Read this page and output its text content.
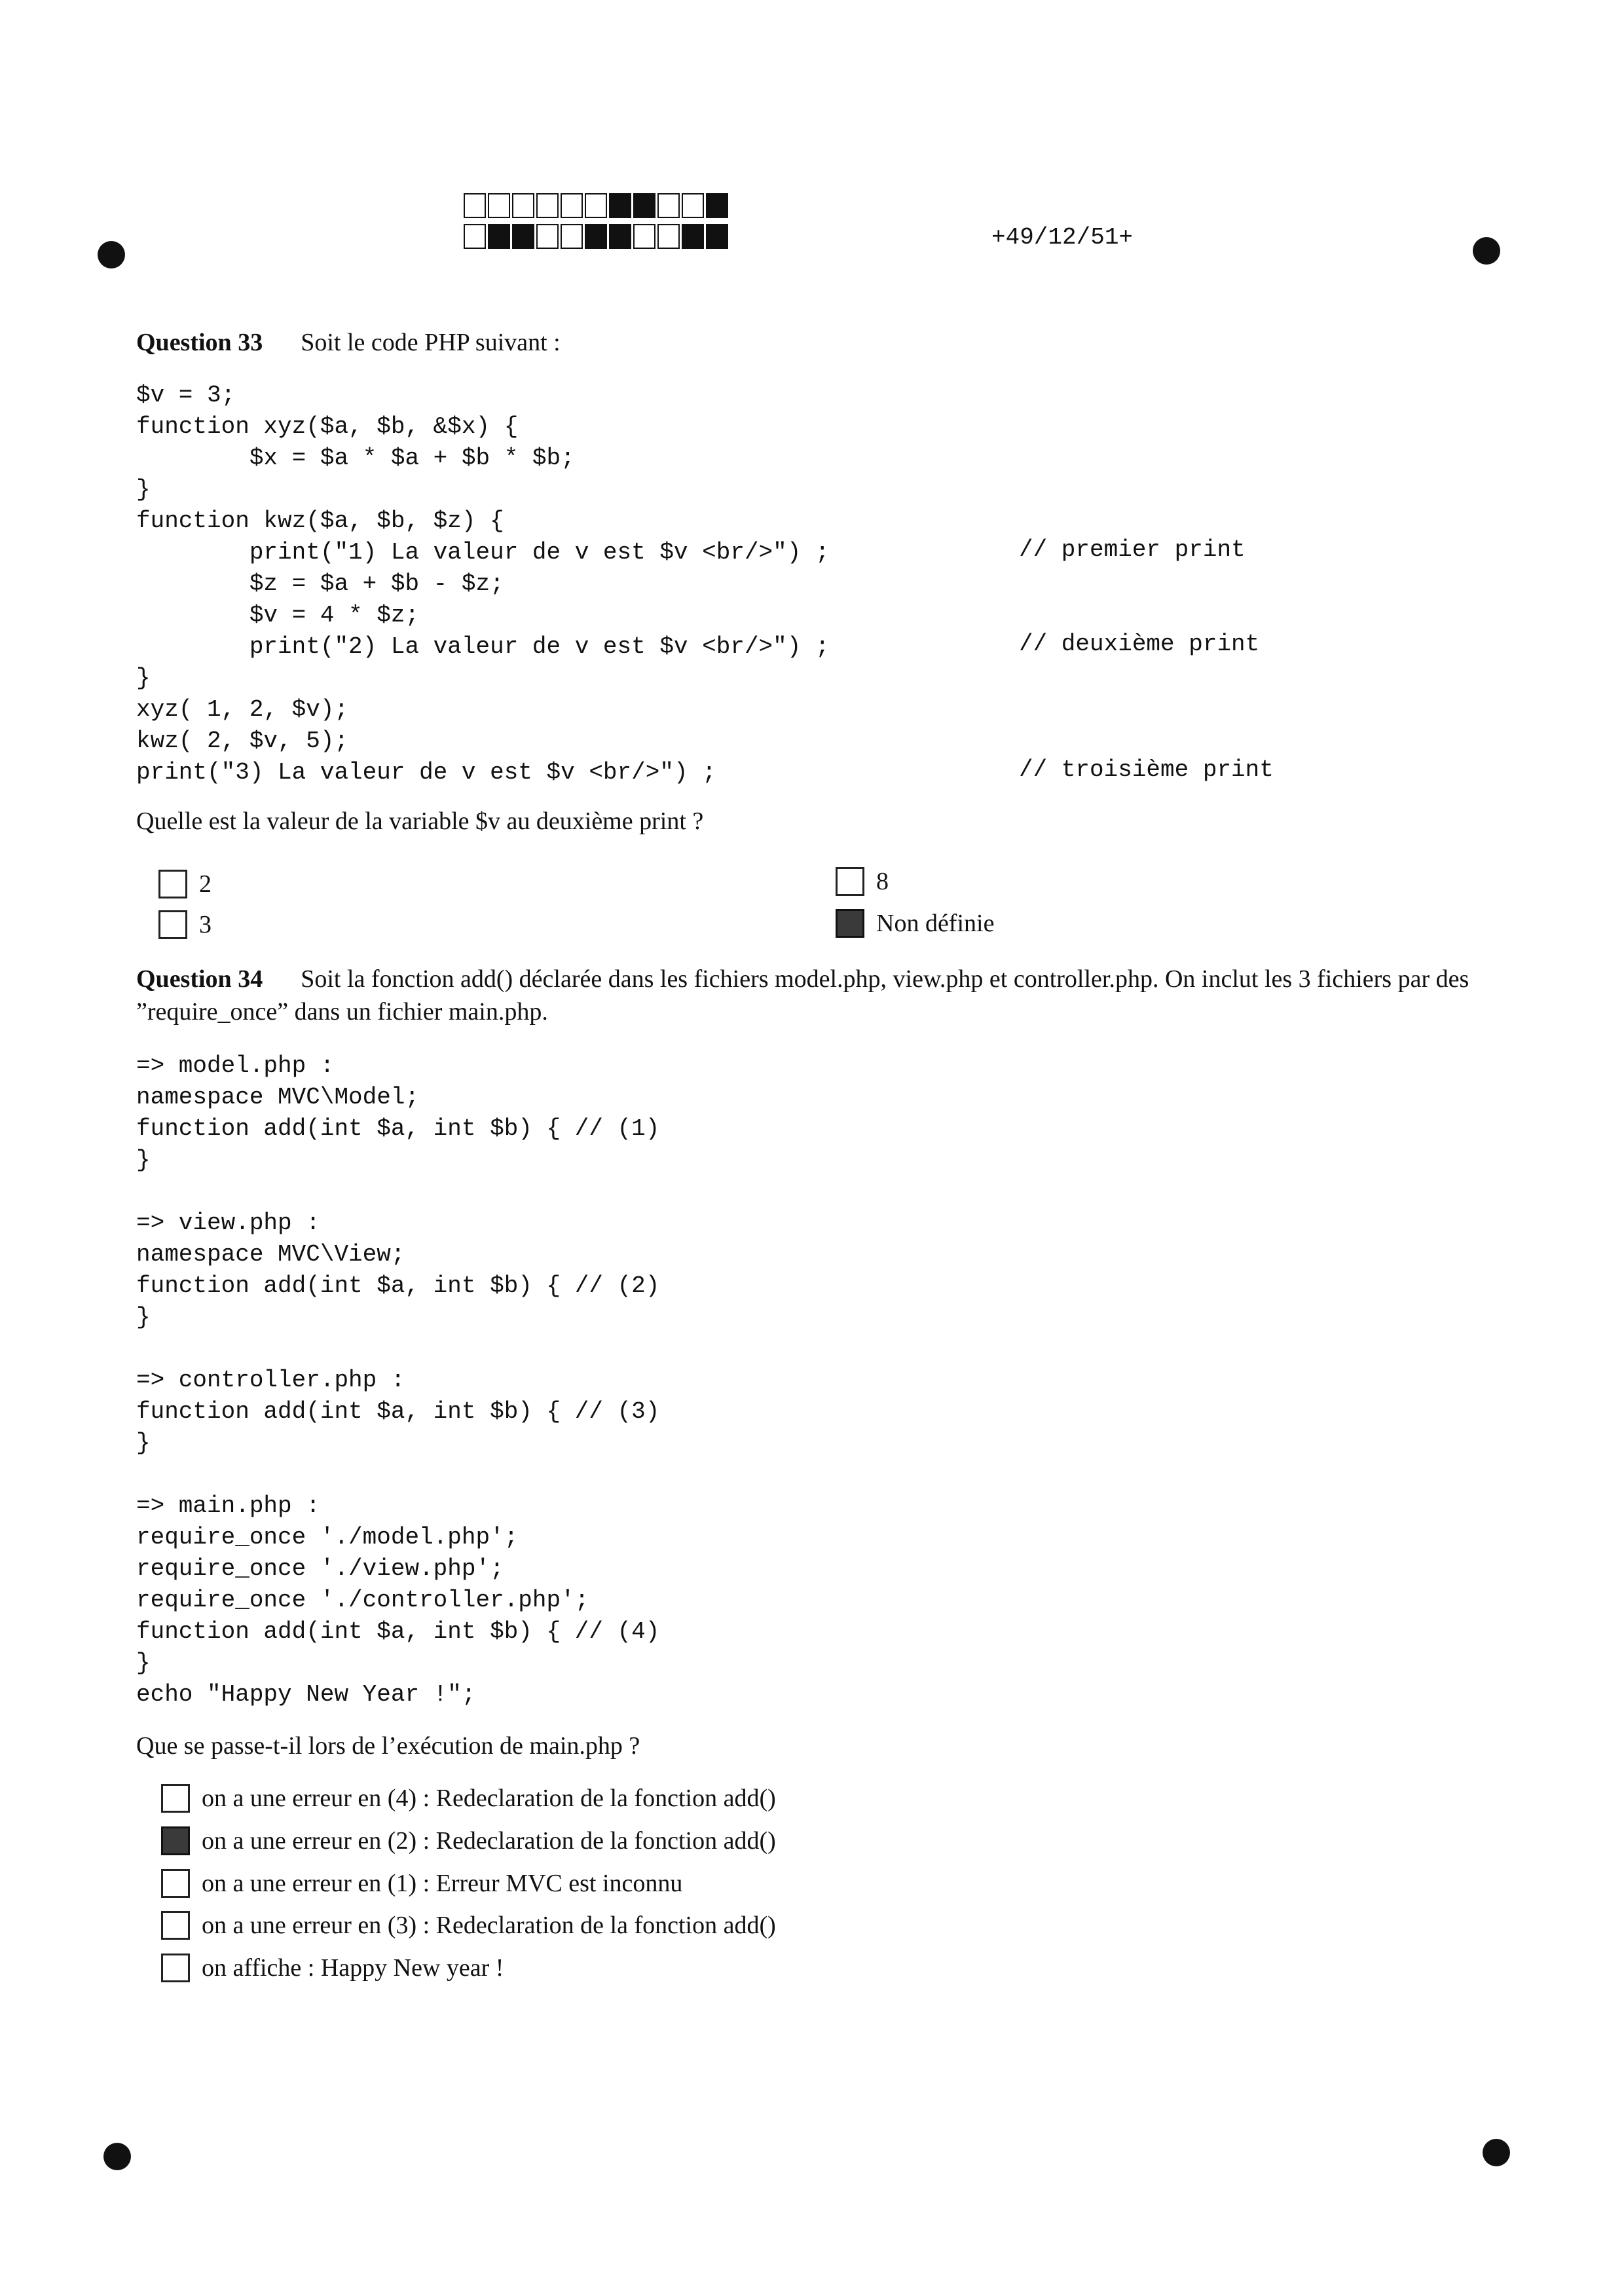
+49/12/51+
Question 33 Soit le code PHP suivant :
$v = 3;
function xyz($a, $b, &$x) {
$x = $a * $a + $b * $b;
}
function kwz($a, $b, $z) {
print("1) La valeur de v est $v <br/>") ;
$z = $a + $b - $z;
$v = 4 * $z;
print("2) La valeur de v est $v <br/>") ;
}
xyz( 1, 2, $v);
kwz( 2, $v, 5);
print("3) La valeur de v est $v <br/>") ;
// premier print
// deuxième print
// troisième print
Quelle est la valeur de la variable $v au deuxième print ?
2
3
8
Non définie
Question 34 Soit la fonction add() déclarée dans les fichiers model.php, view.php et controller.php. On inclut les 3 fichiers par des ”require_once” dans un fichier main.php.
=> model.php :
namespace MVC\Model;
function add(int $a, int $b) { // (1)
}

=> view.php :
namespace MVC\View;
function add(int $a, int $b) { // (2)
}

=> controller.php :
function add(int $a, int $b) { // (3)
}

=> main.php :
require_once './model.php';
require_once './view.php';
require_once './controller.php';
function add(int $a, int $b) { // (4)
}
echo "Happy New Year !";
Que se passe-t-il lors de l’exécution de main.php ?
on a une erreur en (4) : Redeclaration de la fonction add()
on a une erreur en (2) : Redeclaration de la fonction add()
on a une erreur en (1) : Erreur MVC est inconnu
on a une erreur en (3) : Redeclaration de la fonction add()
on affiche : Happy New year !
